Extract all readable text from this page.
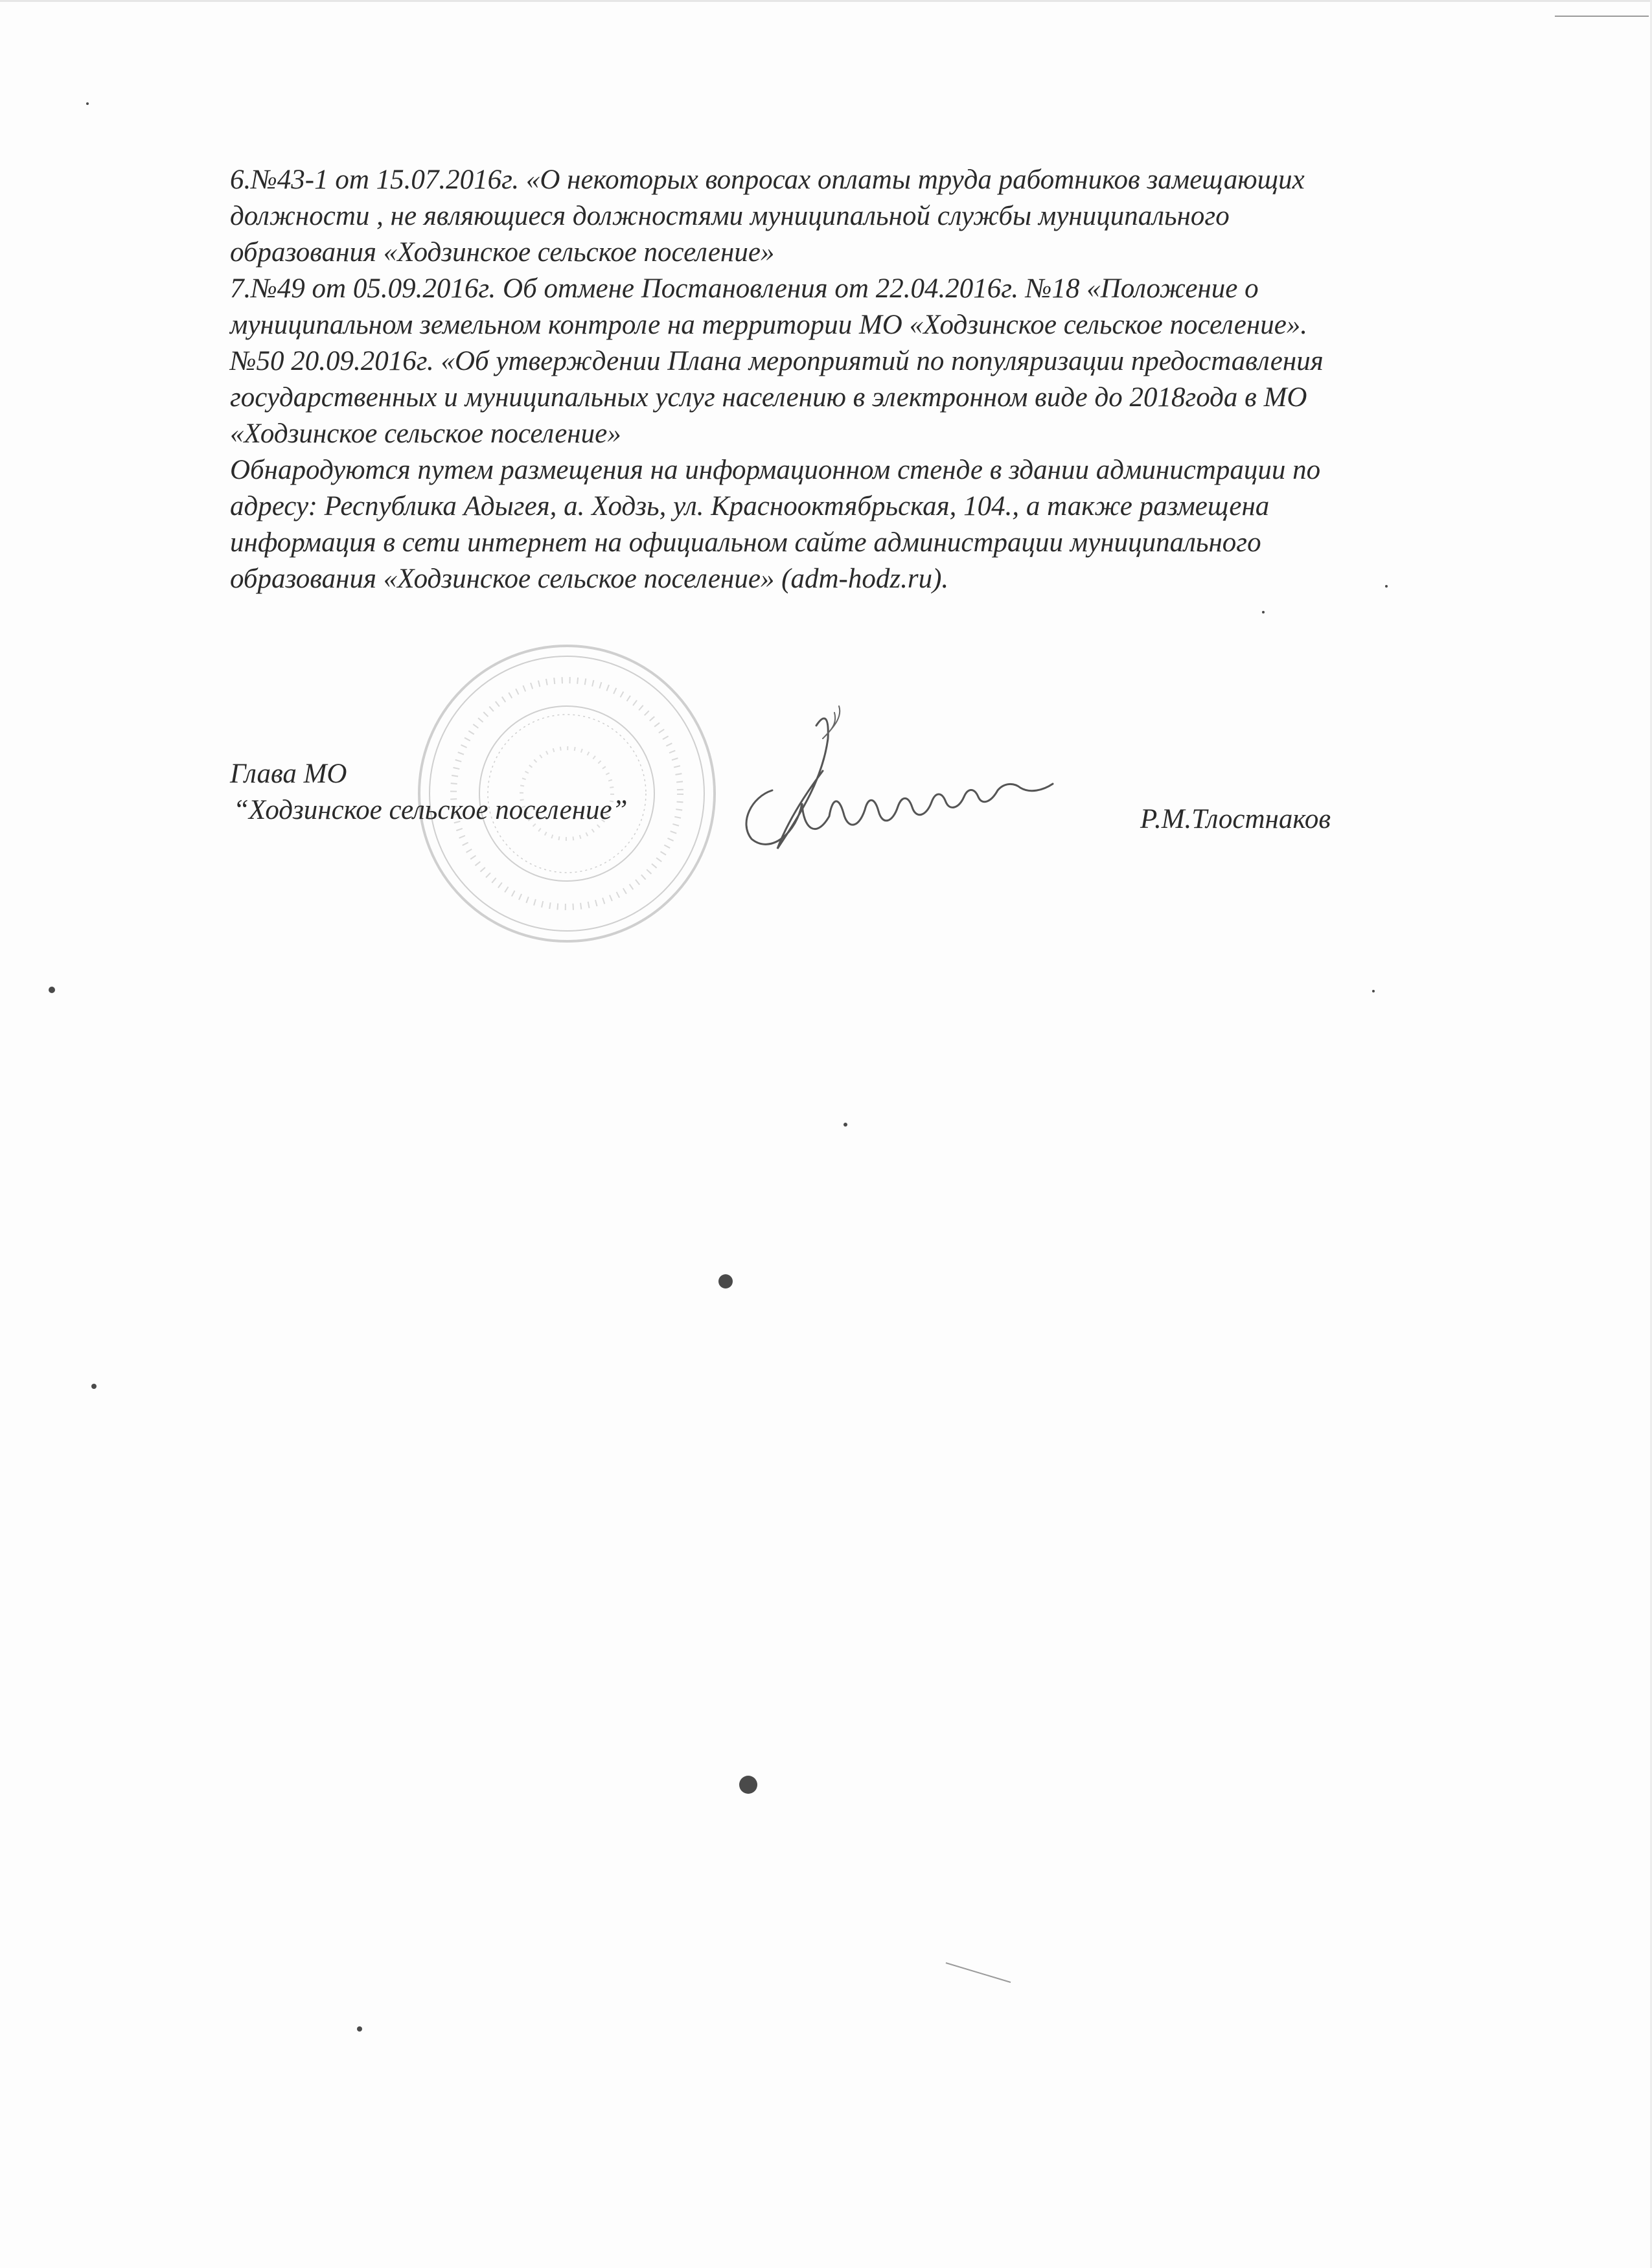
6.№43-1 от 15.07.2016г. «О некоторых вопросах оплаты труда работников замещающих
должности , не являющиеся должностями муниципальной службы муниципального
образования «Ходзинское сельское поселение»
7.№49 от 05.09.2016г. Об отмене Постановления от 22.04.2016г. №18 «Положение о
муниципальном земельном контроле на территории МО «Ходзинское сельское поселение».
№50 20.09.2016г. «Об утверждении Плана мероприятий по популяризации предоставления
государственных и муниципальных услуг населению в электронном виде до 2018года в МО
«Ходзинское сельское поселение»
Обнародуются путем размещения на информационном стенде в здании администрации по
адресу: Республика Адыгея, а. Ходзь, ул. Краснооктябрьская, 104., а также размещена
информация в сети интернет на официальном сайте администрации муниципального
образования «Ходзинское сельское поселение» (adm-hodz.ru).
Глава МО
“Ходзинское сельское поселение”	Р.М.Тлостнаков
